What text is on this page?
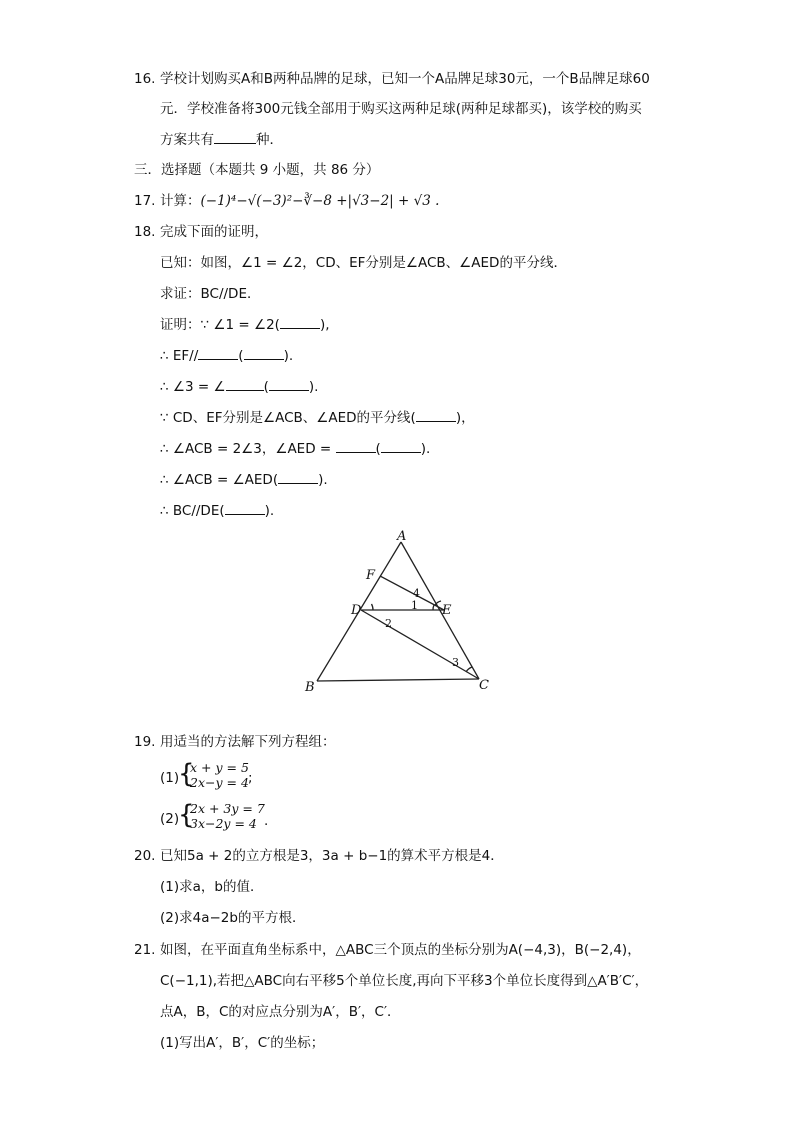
16. 学校计划购买A和B两种品牌的足球，已知一个A品牌足球30元，一个B品牌足球60
元．学校准备将300元钱全部用于购买这两种足球(两种足球都买)，该学校的购买
方案共有	种．
三．选择题（本题共 9 小题，共 86 分）
17. 计算：(−1)⁴−√(−3)²−∛−8 +|√3−2| + √3 .
18. 完成下面的证明，
已知：如图，∠1 = ∠2，CD、EF分别是∠ACB、∠AED的平分线．
求证：BC//DE．
证明：∵ ∠1 = ∠2(	),
∴ EF//	(	).
∴ ∠3 = ∠	(	).
∵ CD、EF分别是∠ACB、∠AED的平分线(	)，
∴ ∠ACB = 2∠3，∠AED =	(	).
∴ ∠ACB = ∠AED(	).
∴ BC//DE(	).
A
F
D	E
B	C
1
2
3
4
19. 用适当的方法解下列方程组：
(1)
{
x + y = 5
2x−y = 4 ;
(2)
{
2x + 3y = 7
3x−2y = 4 .
20. 已知5a + 2的立方根是3，3a + b−1的算术平方根是4．
(1)求a，b的值．
(2)求4a−2b的平方根．
21. 如图，在平面直角坐标系中，△ABC三个顶点的坐标分别为A(−4,3)，B(−2,4)，
C(−1,1),若把△ABC向右平移5个单位长度,再向下平移3个单位长度得到△A′B′C′，
点A，B，C的对应点分别为A′，B′，C′．
(1)写出A′，B′，C′的坐标；
